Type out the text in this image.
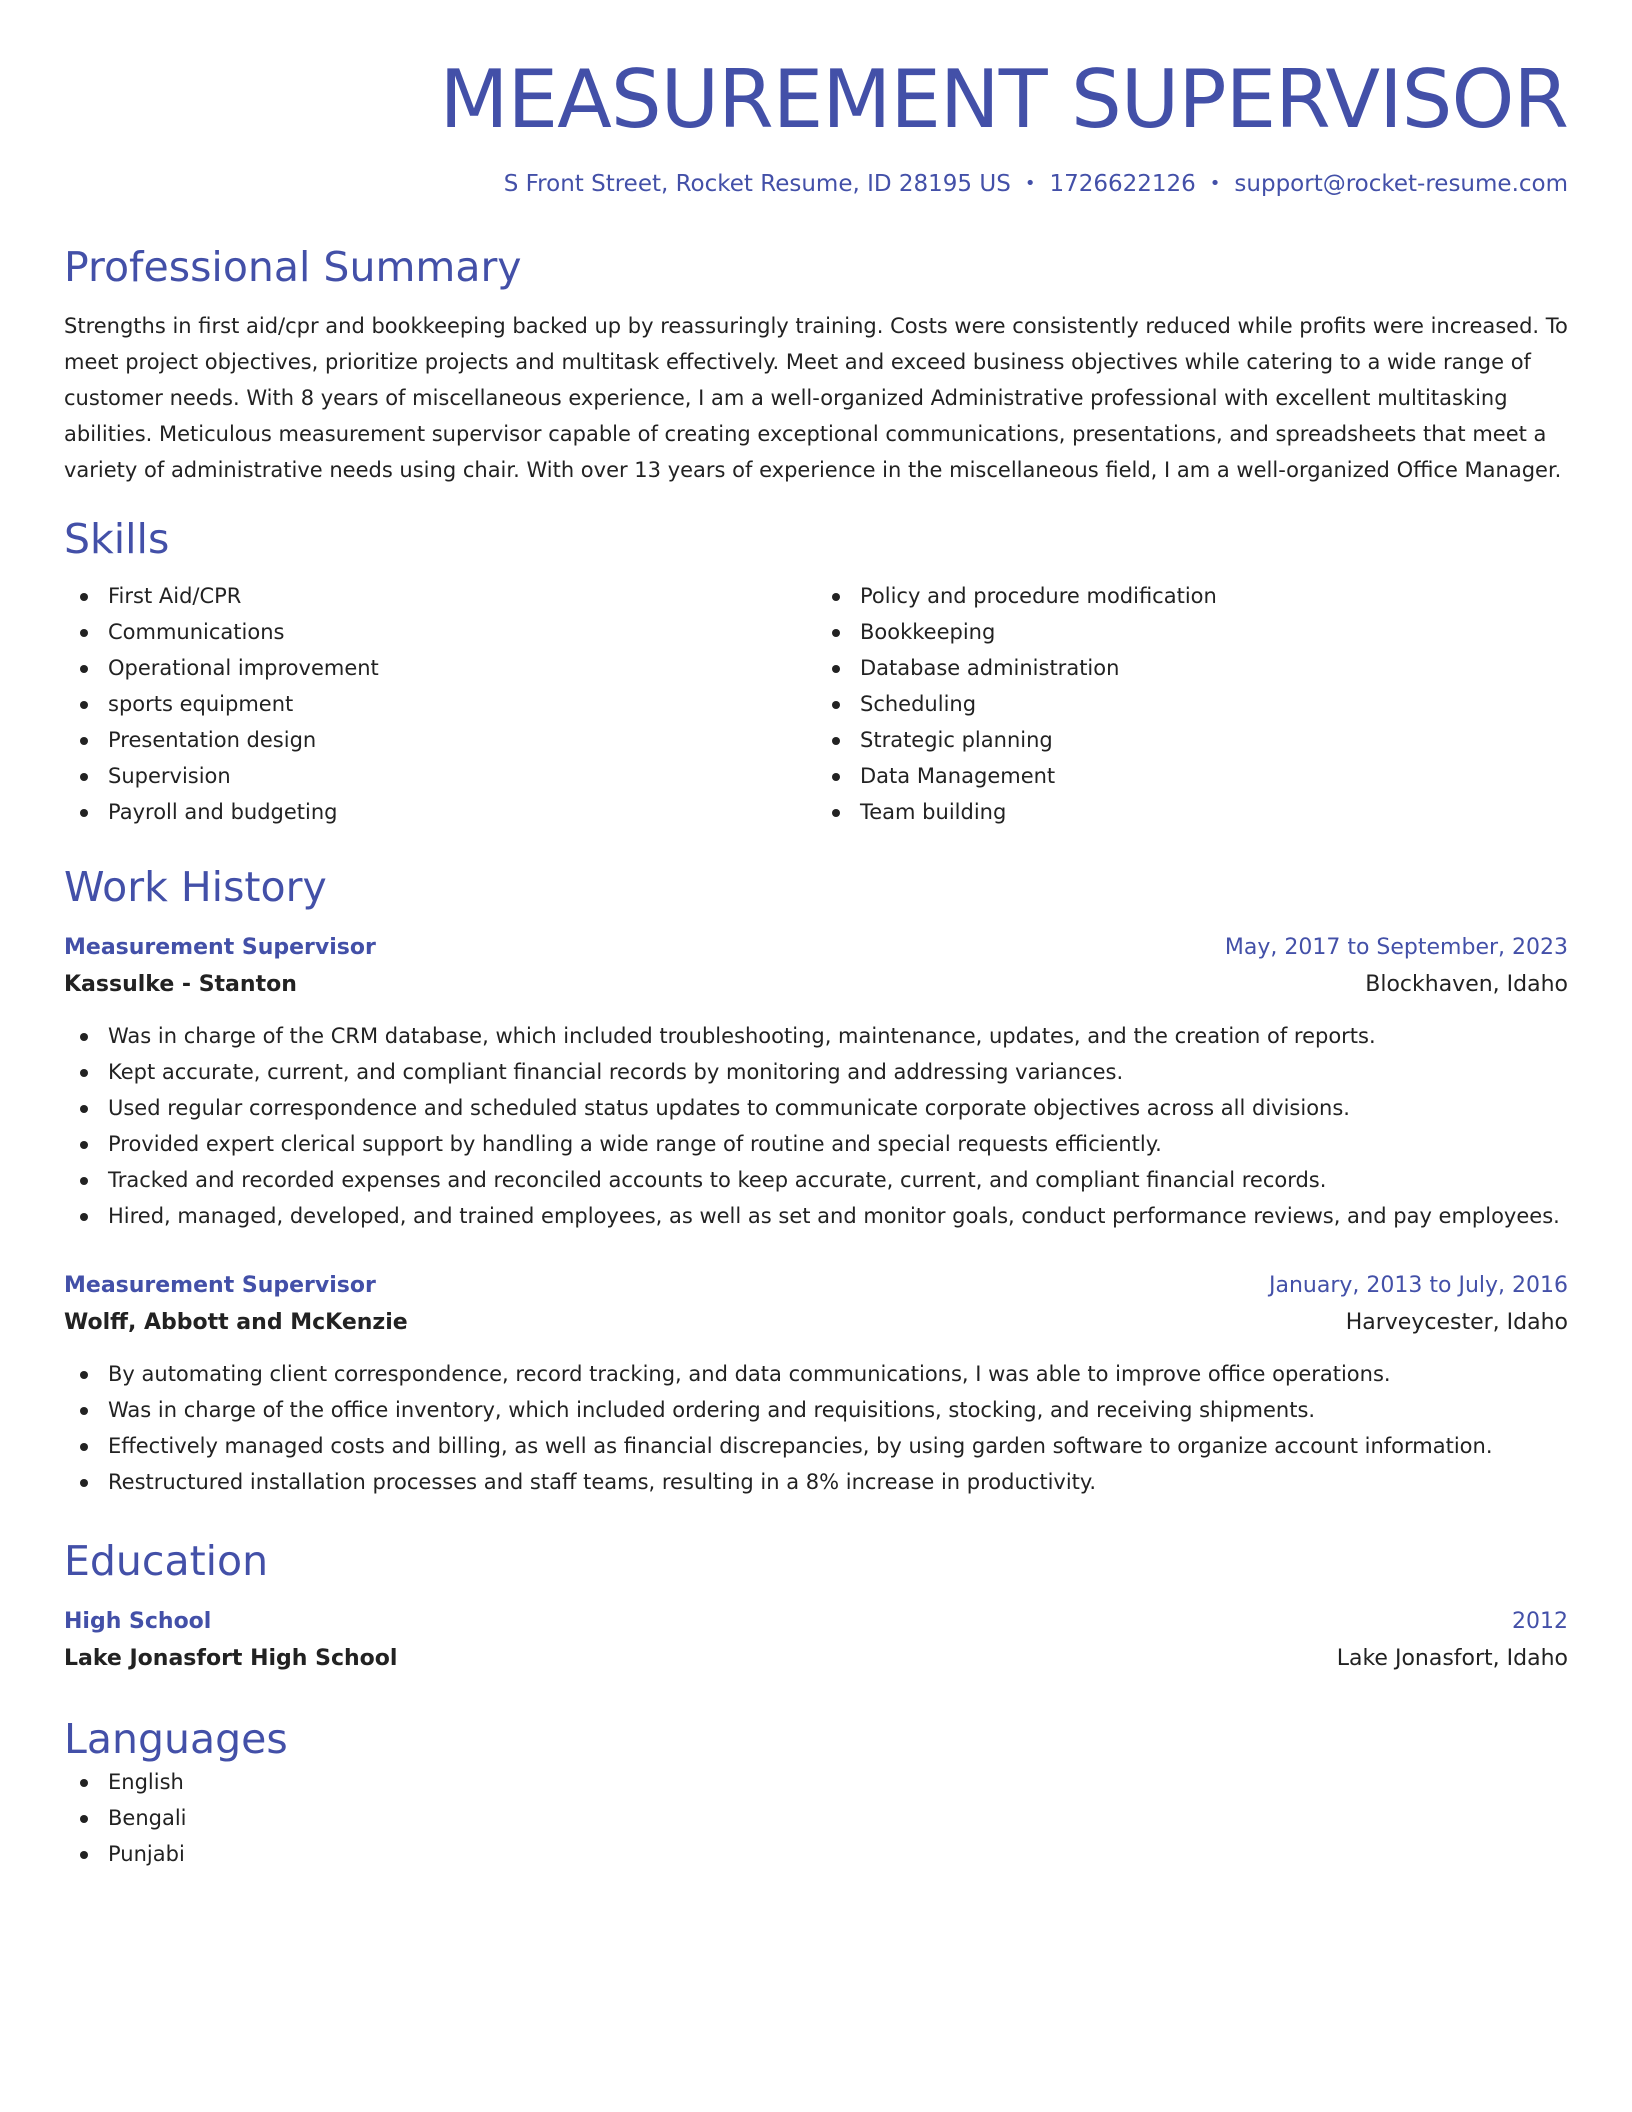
MEASUREMENT SUPERVISOR
S Front Street, Rocket Resume, ID 28195 US • 1726622126 • support@rocket-resume.com
Professional Summary

Strengths in first aid/cpr and bookkeeping backed up by reassuringly training. Costs were consistently reduced while profits were increased. To meet project objectives, prioritize projects and multitask effectively. Meet and exceed business objectives while catering to a wide range of customer needs. With 8 years of miscellaneous experience, I am a well-organized Administrative professional with excellent multitasking abilities. Meticulous measurement supervisor capable of creating exceptional communications, presentations, and spreadsheets that meet a variety of administrative needs using chair. With over 13 years of experience in the miscellaneous field, I am a well-organized Office Manager.

Skills
First Aid/CPR
Communications
Operational improvement
sports equipment
Presentation design
Supervision
Payroll and budgeting
Policy and procedure modification
Bookkeeping
Database administration
Scheduling
Strategic planning
Data Management
Team building
Work History
Measurement Supervisor	May, 2017 to September, 2023
Kassulke - Stanton	Blockhaven, Idaho
Was in charge of the CRM database, which included troubleshooting, maintenance, updates, and the creation of reports.
Kept accurate, current, and compliant financial records by monitoring and addressing variances.
Used regular correspondence and scheduled status updates to communicate corporate objectives across all divisions.
Provided expert clerical support by handling a wide range of routine and special requests efficiently.
Tracked and recorded expenses and reconciled accounts to keep accurate, current, and compliant financial records.
Hired, managed, developed, and trained employees, as well as set and monitor goals, conduct performance reviews, and pay employees.
Measurement Supervisor	January, 2013 to July, 2016
Wolff, Abbott and McKenzie	Harveycester, Idaho
By automating client correspondence, record tracking, and data communications, I was able to improve office operations.
Was in charge of the office inventory, which included ordering and requisitions, stocking, and receiving shipments.
Effectively managed costs and billing, as well as financial discrepancies, by using garden software to organize account information.
Restructured installation processes and staff teams, resulting in a 8% increase in productivity.
Education
High School	2012
Lake Jonasfort High School	Lake Jonasfort, Idaho
Languages
English
Bengali
Punjabi
